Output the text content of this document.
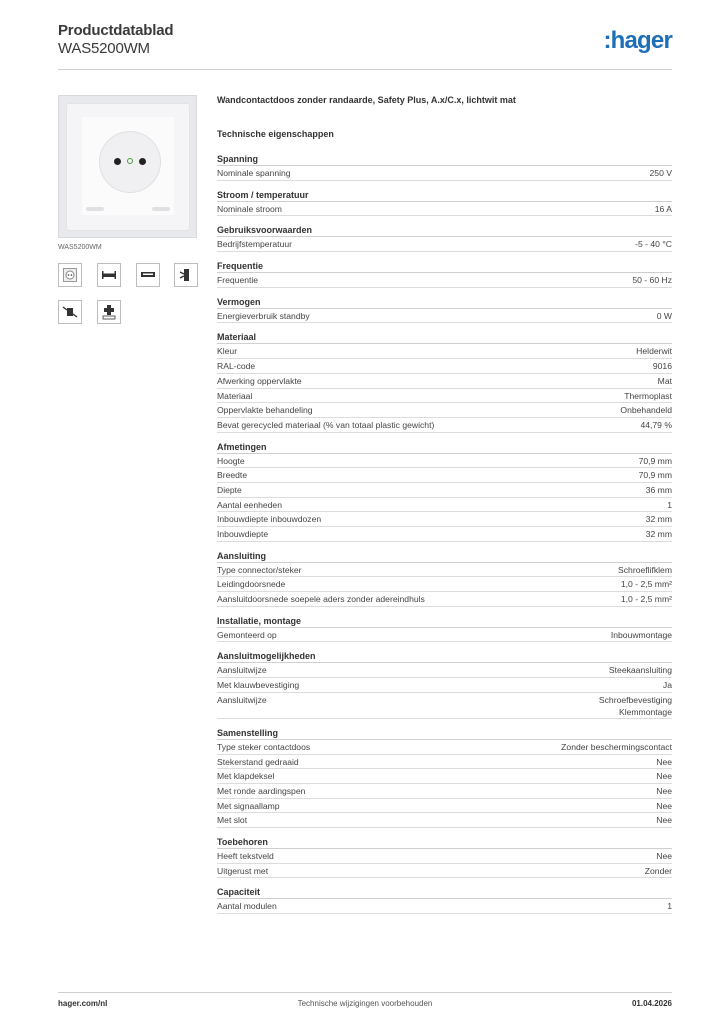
Productdatablad
WAS5200WM	:hager
WAS5200WM
Wandcontactdoos zonder randaarde, Safety Plus, A.x/C.x, lichtwit mat
Technische eigenschappen
Spanning
Nominale spanning	250 V
Stroom / temperatuur
Nominale stroom	16 A
Gebruiksvoorwaarden
Bedrijfstemperatuur	-5 - 40 °C
Frequentie
Frequentie	50 - 60 Hz
Vermogen
Energieverbruik standby	0 W
Materiaal
Kleur	Helderwit
RAL-code	9016
Afwerking oppervlakte	Mat
Materiaal	Thermoplast
Oppervlakte behandeling	Onbehandeld
Bevat gerecycled materiaal (% van totaal plastic gewicht)	44,79 %
Afmetingen
Hoogte	70,9 mm
Breedte	70,9 mm
Diepte	36 mm
Aantal eenheden	1
Inbouwdiepte inbouwdozen	32 mm
Inbouwdiepte	32 mm
Aansluiting
Type connector/steker	Schroeflifklem
Leidingdoorsnede	1,0 - 2,5 mm²
Aansluitdoorsnede soepele aders zonder adereindhuls	1,0 - 2,5 mm²
Installatie, montage
Gemonteerd op	Inbouwmontage
Aansluitmogelijkheden
Aansluitwijze	Steekaansluiting
Met klauwbevestiging	Ja
Aansluitwijze	Schroefbevestiging
Klemmontage
Samenstelling
Type steker contactdoos	Zonder beschermingscontact
Stekerstand gedraaid	Nee
Met klapdeksel	Nee
Met ronde aardingspen	Nee
Met signaallamp	Nee
Met slot	Nee
Toebehoren
Heeft tekstveld	Nee
Uitgerust met	Zonder
Capaciteit
Aantal modulen	1
hager.com/nl	Technische wijzigingen voorbehouden	01.04.2026
